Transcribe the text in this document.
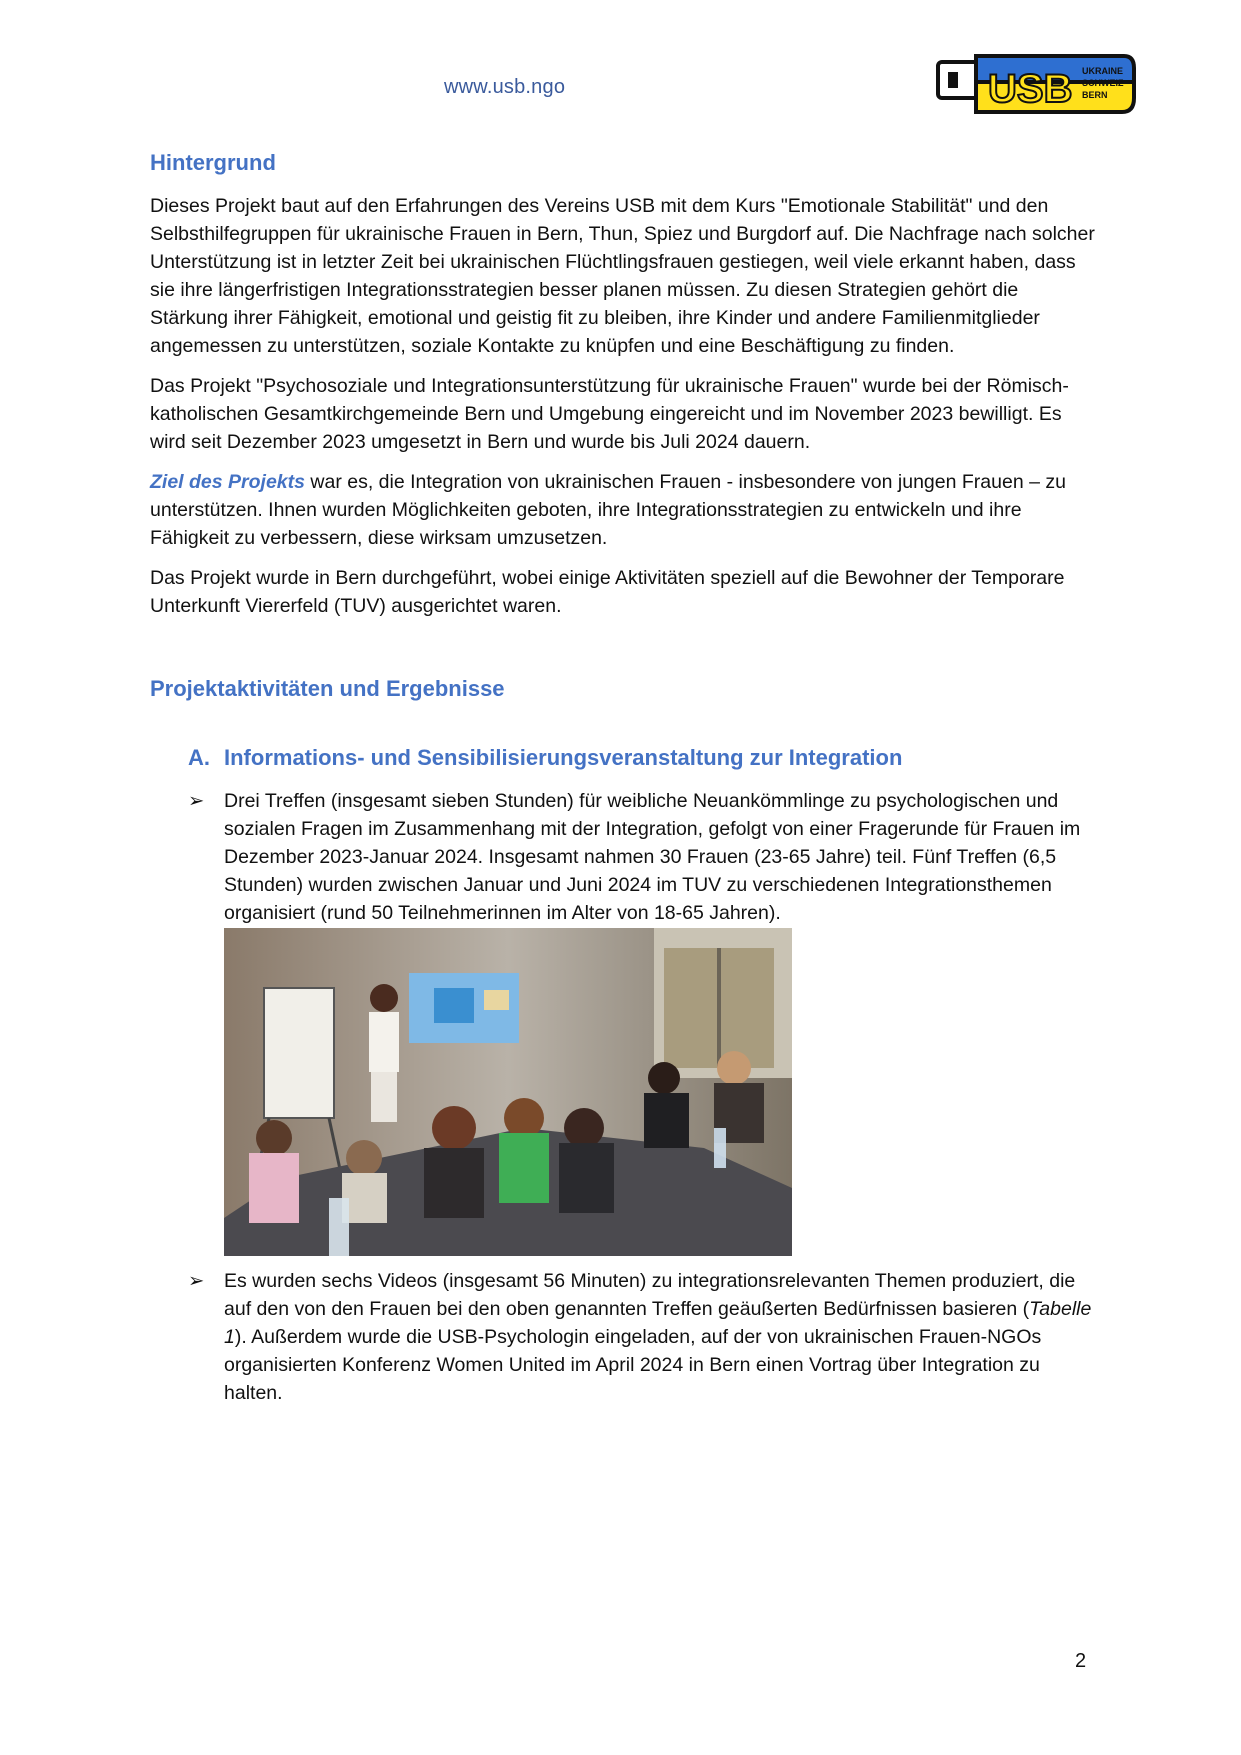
www.usb.ngo	USB UKRAINE
SCHWEIZ
BERN
Hintergrund

Dieses Projekt baut auf den Erfahrungen des Vereins USB mit dem Kurs "Emotionale Stabilität" und den Selbsthilfegruppen für ukrainische Frauen in Bern, Thun, Spiez und Burgdorf auf. Die Nachfrage nach solcher Unterstützung ist in letzter Zeit bei ukrainischen Flüchtlingsfrauen gestiegen, weil viele erkannt haben, dass sie ihre längerfristigen Integrationsstrategien besser planen müssen. Zu diesen Strategien gehört die Stärkung ihrer Fähigkeit, emotional und geistig fit zu bleiben, ihre Kinder und andere Familienmitglieder angemessen zu unterstützen, soziale Kontakte zu knüpfen und eine Beschäftigung zu finden.

Das Projekt "Psychosoziale und Integrationsunterstützung für ukrainische Frauen" wurde bei der Römisch-katholischen Gesamtkirchgemeinde Bern und Umgebung eingereicht und im November 2023 bewilligt. Es wird seit Dezember 2023 umgesetzt in Bern und wurde bis Juli 2024 dauern.

Ziel des Projekts war es, die Integration von ukrainischen Frauen - insbesondere von jungen Frauen – zu unterstützen. Ihnen wurden Möglichkeiten geboten, ihre Integrationsstrategien zu entwickeln und ihre Fähigkeit zu verbessern, diese wirksam umzusetzen.

Das Projekt wurde in Bern durchgeführt, wobei einige Aktivitäten speziell auf die Bewohner der Temporare Unterkunft Viererfeld (TUV) ausgerichtet waren.

Projektaktivitäten und Ergebnisse
A. Informations- und Sensibilisierungsveranstaltung zur Integration
➢	Drei Treffen (insgesamt sieben Stunden) für weibliche Neuankömmlinge zu psychologischen und sozialen Fragen im Zusammenhang mit der Integration, gefolgt von einer Fragerunde für Frauen im Dezember 2023-Januar 2024. Insgesamt nahmen 30 Frauen (23-65 Jahre) teil. Fünf Treffen (6,5 Stunden) wurden zwischen Januar und Juni 2024 im TUV zu verschiedenen Integrationsthemen organisiert (rund 50 Teilnehmerinnen im Alter von 18-65 Jahren).
➢	Es wurden sechs Videos (insgesamt 56 Minuten) zu integrationsrelevanten Themen produziert, die auf den von den Frauen bei den oben genannten Treffen geäußerten Bedürfnissen basieren (Tabelle 1). Außerdem wurde die USB-Psychologin eingeladen, auf der von ukrainischen Frauen-NGOs organisierten Konferenz Women United im April 2024 in Bern einen Vortrag über Integration zu halten.
2
